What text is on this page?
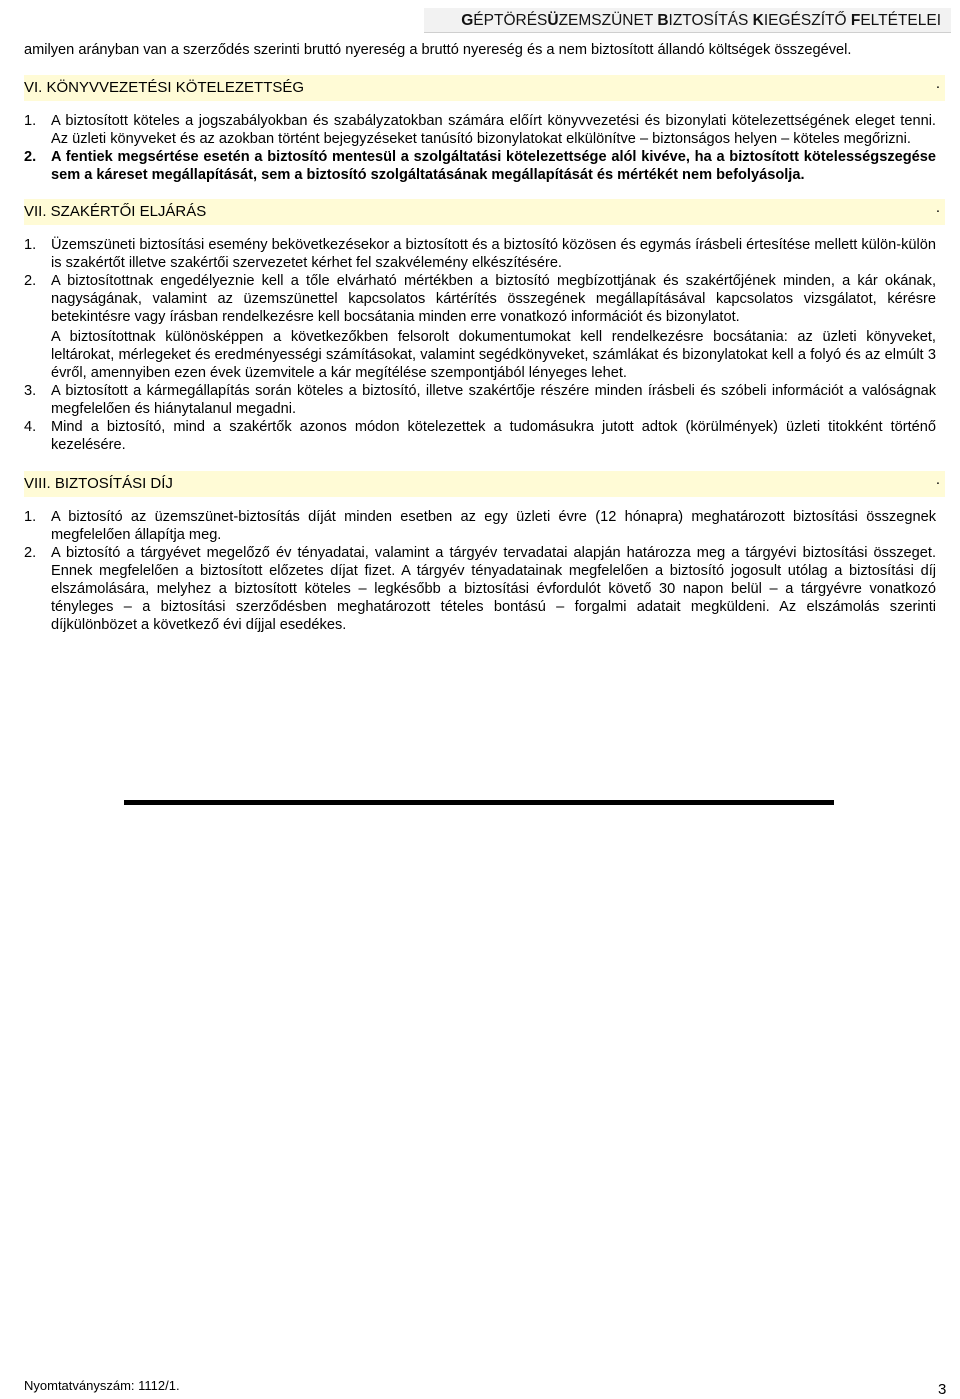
GÉPTÖRÉSÜZEMSZÜNET BIZTOSÍTÁS KIEGÉSZÍTŐ FELTÉTELEI
amilyen arányban van a szerződés szerinti bruttó nyereség a bruttó nyereség és a nem biztosított állandó költségek összegével.
VI. KÖNYVVEZETÉSI KÖTELEZETTSÉG	.
1. A biztosított köteles a jogszabályokban és szabályzatokban számára előírt könyvvezetési és bizonylati kötelezettségének eleget tenni. Az üzleti könyveket és az azokban történt bejegyzéseket tanúsító bizonylatokat elkülönítve – biztonságos helyen – köteles megőrizni.
2. A fentiek megsértése esetén a biztosító mentesül a szolgáltatási kötelezettsége alól kivéve, ha a biztosított kötelességszegése sem a káreset megállapítását, sem a biztosító szolgáltatásának megállapítását és mértékét nem befolyásolja.
VII. SZAKÉRTŐI ELJÁRÁS	.
1. Üzemszüneti biztosítási esemény bekövetkezésekor a biztosított és a biztosító közösen és egymás írásbeli értesítése mellett külön-külön is szakértőt illetve szakértői szervezetet kérhet fel szakvélemény elkészítésére.
2. A biztosítottnak engedélyeznie kell a tőle elvárható mértékben a biztosító megbízottjának és szakértőjének minden, a kár okának, nagyságának, valamint az üzemszünettel kapcsolatos kártérítés összegének megállapításával kapcsolatos vizsgálatot, kérésre betekintésre vagy írásban rendelkezésre kell bocsátania minden erre vonatkozó információt és bizonylatot.
A biztosítottnak különösképpen a következőkben felsorolt dokumentumokat kell rendelkezésre bocsátania: az üzleti könyveket, leltárokat, mérlegeket és eredményességi számításokat, valamint segédkönyveket, számlákat és bizonylatokat kell a folyó és az elmúlt 3 évről, amennyiben ezen évek üzemvitele a kár megítélése szempontjából lényeges lehet.
3. A biztosított a kármegállapítás során köteles a biztosító, illetve szakértője részére minden írásbeli és szóbeli információt a valóságnak megfelelően és hiánytalanul megadni.
4. Mind a biztosító, mind a szakértők azonos módon kötelezettek a tudomásukra jutott adtok (körülmények) üzleti titokként történő kezelésére.
VIII. BIZTOSÍTÁSI DÍJ	.
1. A biztosító az üzemszünet-biztosítás díját minden esetben az egy üzleti évre (12 hónapra) meghatározott biztosítási összegnek megfelelően állapítja meg.
2. A biztosító a tárgyévet megelőző év tényadatai, valamint a tárgyév tervadatai alapján határozza meg a tárgyévi biztosítási összeget. Ennek megfelelően a biztosított előzetes díjat fizet. A tárgyév tényadatainak megfelelően a biztosító jogosult utólag a biztosítási díj elszámolására, melyhez a biztosított köteles – legkésőbb a biztosítási évfordulót követő 30 napon belül – a tárgyévre vonatkozó tényleges – a biztosítási szerződésben meghatározott tételes bontású – forgalmi adatait megküldeni. Az elszámolás szerinti díjkülönbözet a következő évi díjjal esedékes.
Nyomtatványszám: 1112/1.	3
